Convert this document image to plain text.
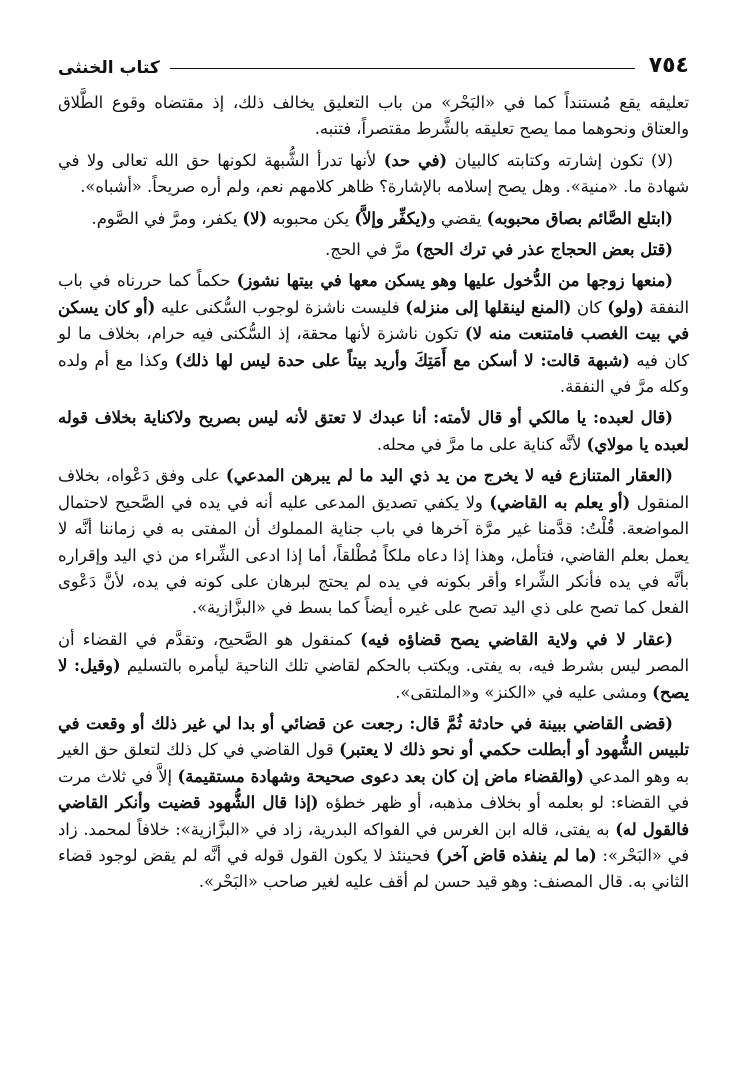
٧٥٤
كتاب الخنثى

تعليقه يقع مُستنداً كما في «البَحْر» من باب التعليق يخالف ذلك، إذ مقتضاه وقوع الطَّلاق والعتاق ونحوهما مما يصح تعليقه بالشَّرط مقتصراً، فتنبه.

(لا) تكون إشارته وكتابته كالبيان (في حد) لأنها تدرأ الشُّبهة لكونها حق الله تعالى ولا في شهادة ما. «منية». وهل يصح إسلامه بالإشارة؟ ظاهر كلامهم نعم، ولم أره صريحاً. «أشباه».

(ابتلع الصَّائم بصاق محبوبه) يقضي و(يكفِّر وإلاَّ) يكن محبوبه (لا) يكفر، ومرَّ في الصَّوم.

(قتل بعض الحجاج عذر في ترك الحج) مرَّ في الحج.

(منعها زوجها من الدُّخول عليها وهو يسكن معها في بيتها نشوز) حكماً كما حررناه في باب النفقة (ولو) كان (المنع لينقلها إلى منزله) فليست ناشزة لوجوب السُّكنى عليه (أو كان يسكن في بيت الغصب فامتنعت منه لا) تكون ناشزة لأنها محقة، إذ السُّكنى فيه حرام، بخلاف ما لو كان فيه (شبهة قالت: لا أسكن مع أَمَتِكَ وأريد بيتاً على حدة ليس لها ذلك) وكذا مع أم ولده وكله مرَّ في النفقة.

(قال لعبده: يا مالكي أو قال لأمته: أنا عبدك لا تعتق لأنه ليس بصريح ولاكناية بخلاف قوله لعبده يا مولاي) لأنَّه كناية على ما مرَّ في محله.

(العقار المتنازع فيه لا يخرج من يد ذي اليد ما لم يبرهن المدعي) على وفق دَعْواه، بخلاف المنقول (أو يعلم به القاضي) ولا يكفي تصديق المدعى عليه أنه في يده في الصَّحيح لاحتمال المواضعة. قُلْتُ: قدَّمنا غير مرَّة آخرها في باب جناية المملوك أن المفتى به في زماننا أنَّه لا يعمل بعلم القاضي، فتأمل، وهذا إذا دعاه ملكاً مُطْلقاً، أما إذا ادعى الشِّراء من ذي اليد وإقراره بأنَّه في يده فأنكر الشِّراء وأقر بكونه في يده لم يحتج لبرهان على كونه في يده، لأنَّ دَعْوى الفعل كما تصح على ذي اليد تصح على غيره أيضاً كما بسط في «البزَّازية».

(عقار لا في ولاية القاضي يصح قضاؤه فيه) كمنقول هو الصَّحيح، وتقدَّم في القضاء أن المصر ليس بشرط فيه، به يفتى. ويكتب بالحكم لقاضي تلك الناحية ليأمره بالتسليم (وقيل: لا يصح) ومشى عليه في «الكنز» و«الملتقى».

(قضى القاضي ببينة في حادثة ثُمَّ قال: رجعت عن قضائي أو بدا لي غير ذلك أو وقعت في تلبيس الشُّهود أو أبطلت حكمي أو نحو ذلك لا يعتبر) قول القاضي في كل ذلك لتعلق حق الغير به وهو المدعي (والقضاء ماض إن كان بعد دعوى صحيحة وشهادة مستقيمة) إلاَّ في ثلاث مرت في القضاء: لو بعلمه أو بخلاف مذهبه، أو ظهر خطؤه (إذا قال الشُّهود قضيت وأنكر القاضي فالقول له) به يفتى، قاله ابن الغرس في الفواكه البدرية، زاد في «البزَّازية»: خلافاً لمحمد. زاد في «البَحْر»: (ما لم ينفذه قاض آخر) فحينئذ لا يكون القول قوله في أنَّه لم يقض لوجود قضاء الثاني به. قال المصنف: وهو قيد حسن لم أقف عليه لغير صاحب «البَحْر».
